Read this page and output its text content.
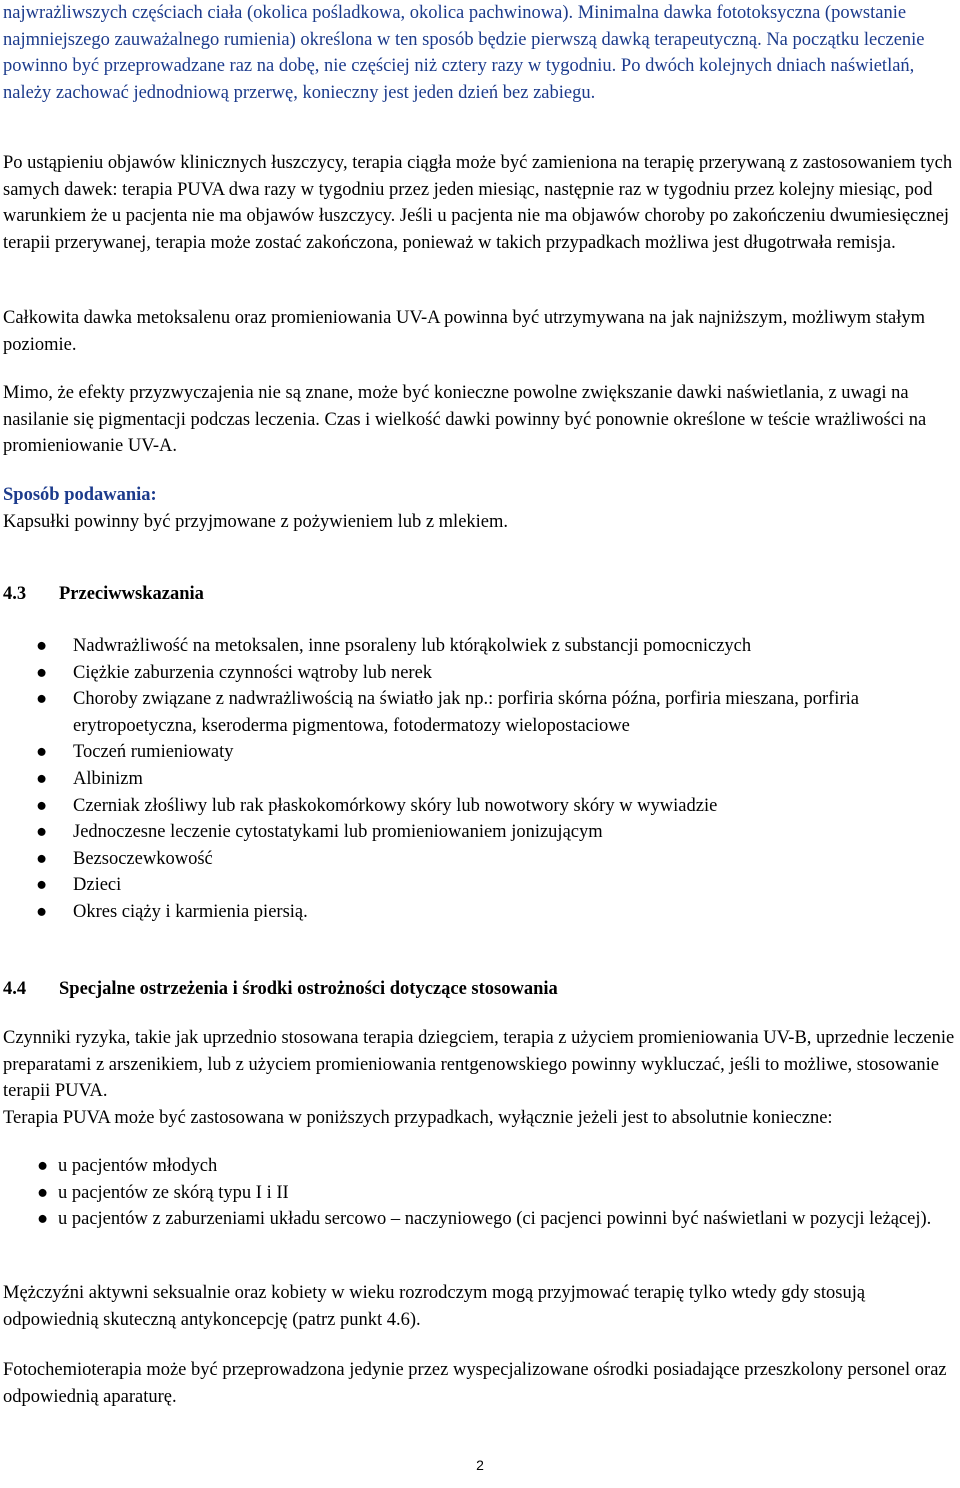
najwrażliwszych częściach ciała (okolica pośladkowa, okolica pachwinowa). Minimalna dawka fototoksyczna (powstanie najmniejszego zauważalnego rumienia) określona w ten sposób będzie pierwszą dawką terapeutyczną. Na początku leczenie powinno być przeprowadzane raz na dobę, nie częściej niż cztery razy w tygodniu. Po dwóch kolejnych dniach naświetlań, należy zachować jednodniową przerwę, konieczny jest jeden dzień bez zabiegu.

Po ustąpieniu objawów klinicznych łuszczycy, terapia ciągła może być zamieniona na terapię przerywaną z zastosowaniem tych samych dawek: terapia PUVA dwa razy w tygodniu przez jeden miesiąc, następnie raz w tygodniu przez kolejny miesiąc, pod warunkiem że u pacjenta nie ma objawów łuszczycy. Jeśli u pacjenta nie ma objawów choroby po zakończeniu dwumiesięcznej terapii przerywanej, terapia może zostać zakończona, ponieważ w takich przypadkach możliwa jest długotrwała remisja.

Całkowita dawka metoksalenu oraz promieniowania UV-A powinna być utrzymywana na jak najniższym, możliwym stałym poziomie.

Mimo, że efekty przyzwyczajenia nie są znane, może być konieczne powolne zwiększanie dawki naświetlania, z uwagi na nasilanie się pigmentacji podczas leczenia. Czas i wielkość dawki powinny być ponownie określone w teście wrażliwości na promieniowanie UV-A.

Sposób podawania:
Kapsułki powinny być przyjmowane z pożywieniem lub z mlekiem.

4.3 Przeciwwskazania
● Nadwrażliwość na metoksalen, inne psoraleny lub którąkolwiek z substancji pomocniczych
● Ciężkie zaburzenia czynności wątroby lub nerek
● Choroby związane z nadwrażliwością na światło jak np.: porfiria skórna późna, porfiria mieszana, porfiria erytropoetyczna, kseroderma pigmentowa, fotodermatozy wielopostaciowe
● Toczeń rumieniowaty
● Albinizm
● Czerniak złośliwy lub rak płaskokomórkowy skóry lub nowotwory skóry w wywiadzie
● Jednoczesne leczenie cytostatykami lub promieniowaniem jonizującym
● Bezsoczewkowość
● Dzieci
● Okres ciąży i karmienia piersią.
4.4 Specjalne ostrzeżenia i środki ostrożności dotyczące stosowania

Czynniki ryzyka, takie jak uprzednio stosowana terapia dziegciem, terapia z użyciem promieniowania UV-B, uprzednie leczenie preparatami z arszenikiem, lub z użyciem promieniowania rentgenowskiego powinny wykluczać, jeśli to możliwe, stosowanie terapii PUVA.
Terapia PUVA może być zastosowana w poniższych przypadkach, wyłącznie jeżeli jest to absolutnie konieczne:

● u pacjentów młodych
● u pacjentów ze skórą typu I i II
● u pacjentów z zaburzeniami układu sercowo – naczyniowego (ci pacjenci powinni być naświetlani w pozycji leżącej).

Mężczyźni aktywni seksualnie oraz kobiety w wieku rozrodczym mogą przyjmować terapię tylko wtedy gdy stosują odpowiednią skuteczną antykoncepcję (patrz punkt 4.6).

Fotochemioterapia może być przeprowadzona jedynie przez wyspecjalizowane ośrodki posiadające przeszkolony personel oraz odpowiednią aparaturę.

2
